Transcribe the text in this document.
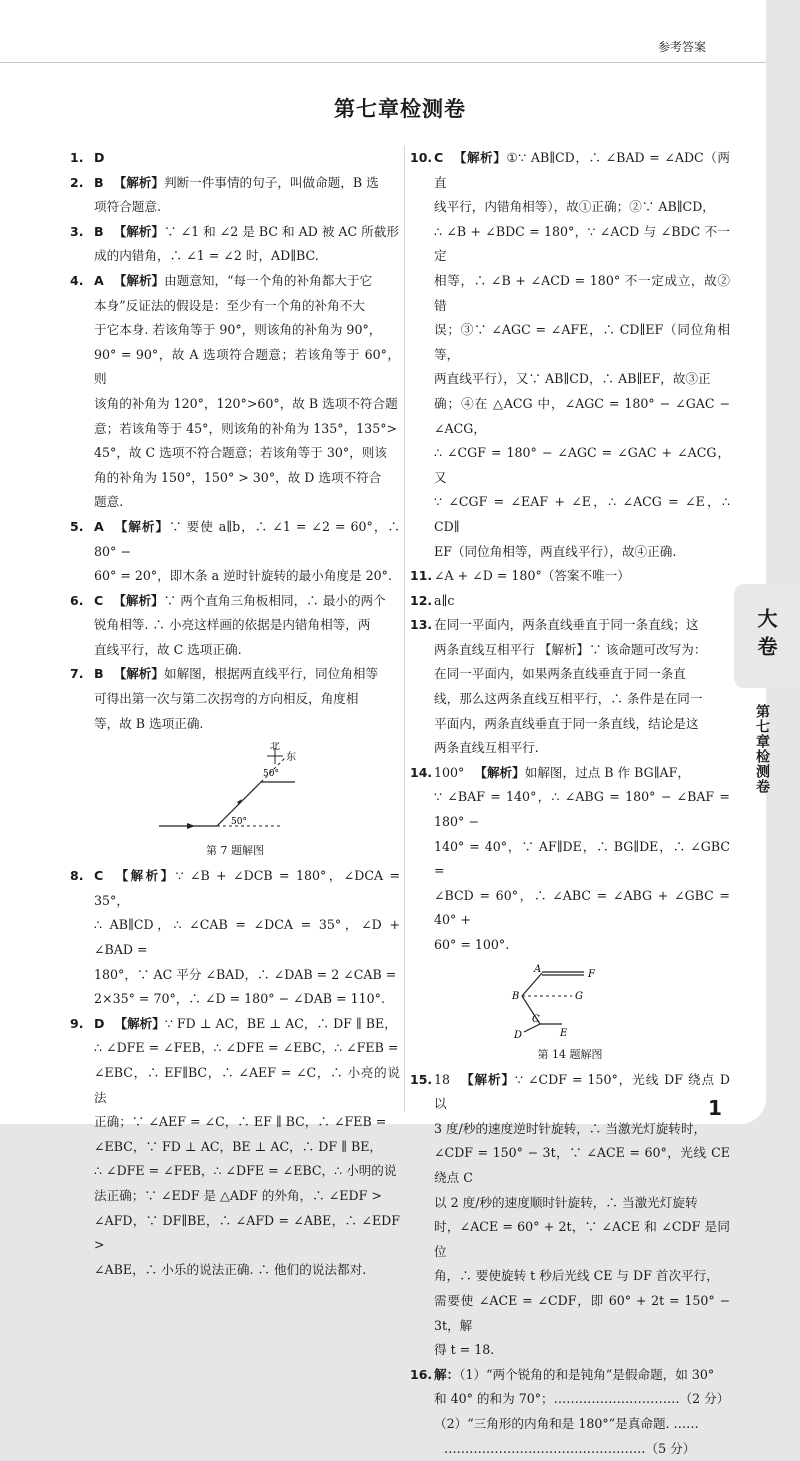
参考答案
第七章检测卷
1. D
2. B 【解析】判断一件事情的句子，叫做命题，B 选
项符合题意.
3. B 【解析】∵ ∠1 和 ∠2 是 BC 和 AD 被 AC 所截形
成的内错角，∴ ∠1 = ∠2 时，AD∥BC.
4. A 【解析】由题意知，“每一个角的补角都大于它
本身”反证法的假设是：至少有一个角的补角不大
于它本身. 若该角等于 90°，则该角的补角为 90°，
90° = 90°，故 A 选项符合题意；若该角等于 60°，则
该角的补角为 120°，120°>60°，故 B 选项不符合题
意；若该角等于 45°，则该角的补角为 135°，135°>
45°，故 C 选项不符合题意；若该角等于 30°，则该
角的补角为 150°，150° > 30°，故 D 选项不符合
题意.
5. A 【解析】∵ 要使 a∥b，∴ ∠1 = ∠2 = 60°，∴ 80° −
60° = 20°，即木条 a 逆时针旋转的最小角度是 20°.
6. C 【解析】∵ 两个直角三角板相同，∴ 最小的两个
锐角相等. ∴ 小亮这样画的依据是内错角相等，两
直线平行，故 C 选项正确.
7. B 【解析】如解图，根据两直线平行，同位角相等
可得出第一次与第二次拐弯的方向相反，角度相
等，故 B 选项正确.
北
东
50°
50°
第 7 题解图
8. C 【解析】∵ ∠B + ∠DCB = 180°，∠DCA = 35°，
∴ AB∥CD，∴ ∠CAB = ∠DCA = 35°，∠D + ∠BAD =
180°，∵ AC 平分 ∠BAD，∴ ∠DAB = 2 ∠CAB =
2×35° = 70°，∴ ∠D = 180° − ∠DAB = 110°.
9. D 【解析】∵ FD ⊥ AC，BE ⊥ AC，∴ DF ∥ BE，
∴ ∠DFE = ∠FEB，∴ ∠DFE = ∠EBC，∴ ∠FEB =
∠EBC，∴ EF∥BC，∴ ∠AEF = ∠C，∴ 小亮的说法
正确；∵ ∠AEF = ∠C，∴ EF ∥ BC，∴ ∠FEB =
∠EBC，∵ FD ⊥ AC，BE ⊥ AC，∴ DF ∥ BE，
∴ ∠DFE = ∠FEB，∴ ∠DFE = ∠EBC，∴ 小明的说
法正确；∵ ∠EDF 是 △ADF 的外角，∴ ∠EDF >
∠AFD，∵ DF∥BE，∴ ∠AFD = ∠ABE，∴ ∠EDF >
∠ABE，∴ 小乐的说法正确. ∴ 他们的说法都对.
10. C 【解析】①∵ AB∥CD，∴ ∠BAD = ∠ADC（两直
线平行，内错角相等），故①正确；②∵ AB∥CD，
∴ ∠B + ∠BDC = 180°，∵ ∠ACD 与 ∠BDC 不一定
相等，∴ ∠B + ∠ACD = 180° 不一定成立，故②错
误；③∵ ∠AGC = ∠AFE，∴ CD∥EF（同位角相等，
两直线平行），又∵ AB∥CD，∴ AB∥EF，故③正
确；④在 △ACG 中，∠AGC = 180° − ∠GAC − ∠ACG，
∴ ∠CGF = 180° − ∠AGC = ∠GAC + ∠ACG，又
∵ ∠CGF = ∠EAF + ∠E，∴ ∠ACG = ∠E，∴ CD∥
EF（同位角相等，两直线平行），故④正确.
11. ∠A + ∠D = 180°（答案不唯一）
12. a∥c
13. 在同一平面内，两条直线垂直于同一条直线；这
两条直线互相平行 【解析】∵ 该命题可改写为：
在同一平面内，如果两条直线垂直于同一条直
线，那么这两条直线互相平行，∴ 条件是在同一
平面内，两条直线垂直于同一条直线，结论是这
两条直线互相平行.
14. 100° 【解析】如解图，过点 B 作 BG∥AF，
∵ ∠BAF = 140°，∴ ∠ABG = 180° − ∠BAF = 180° −
140° = 40°，∵ AF∥DE，∴ BG∥DE，∴ ∠GBC =
∠BCD = 60°，∴ ∠ABC = ∠ABG + ∠GBC = 40° +
60° = 100°.
A	F
B	G
C
D	E
第 14 题解图
15. 18 【解析】∵ ∠CDF = 150°，光线 DF 绕点 D 以
3 度/秒的速度逆时针旋转，∴ 当激光灯旋转时，
∠CDF = 150° − 3t，∵ ∠ACE = 60°，光线 CE 绕点 C
以 2 度/秒的速度顺时针旋转，∴ 当激光灯旋转
时，∠ACE = 60° + 2t，∵ ∠ACE 和 ∠CDF 是同位
角，∴ 要使旋转 t 秒后光线 CE 与 DF 首次平行，
需要使 ∠ACE = ∠CDF，即 60° + 2t = 150° − 3t，解
得 t = 18.
16. 解：（1）“两个锐角的和是钝角”是假命题，如 30°
和 40° 的和为 70°；…………………………（2 分）
（2）“三角形的内角和是 180°”是真命题. ……
…………………………………………（5 分）
1
大卷
第七章检测卷
